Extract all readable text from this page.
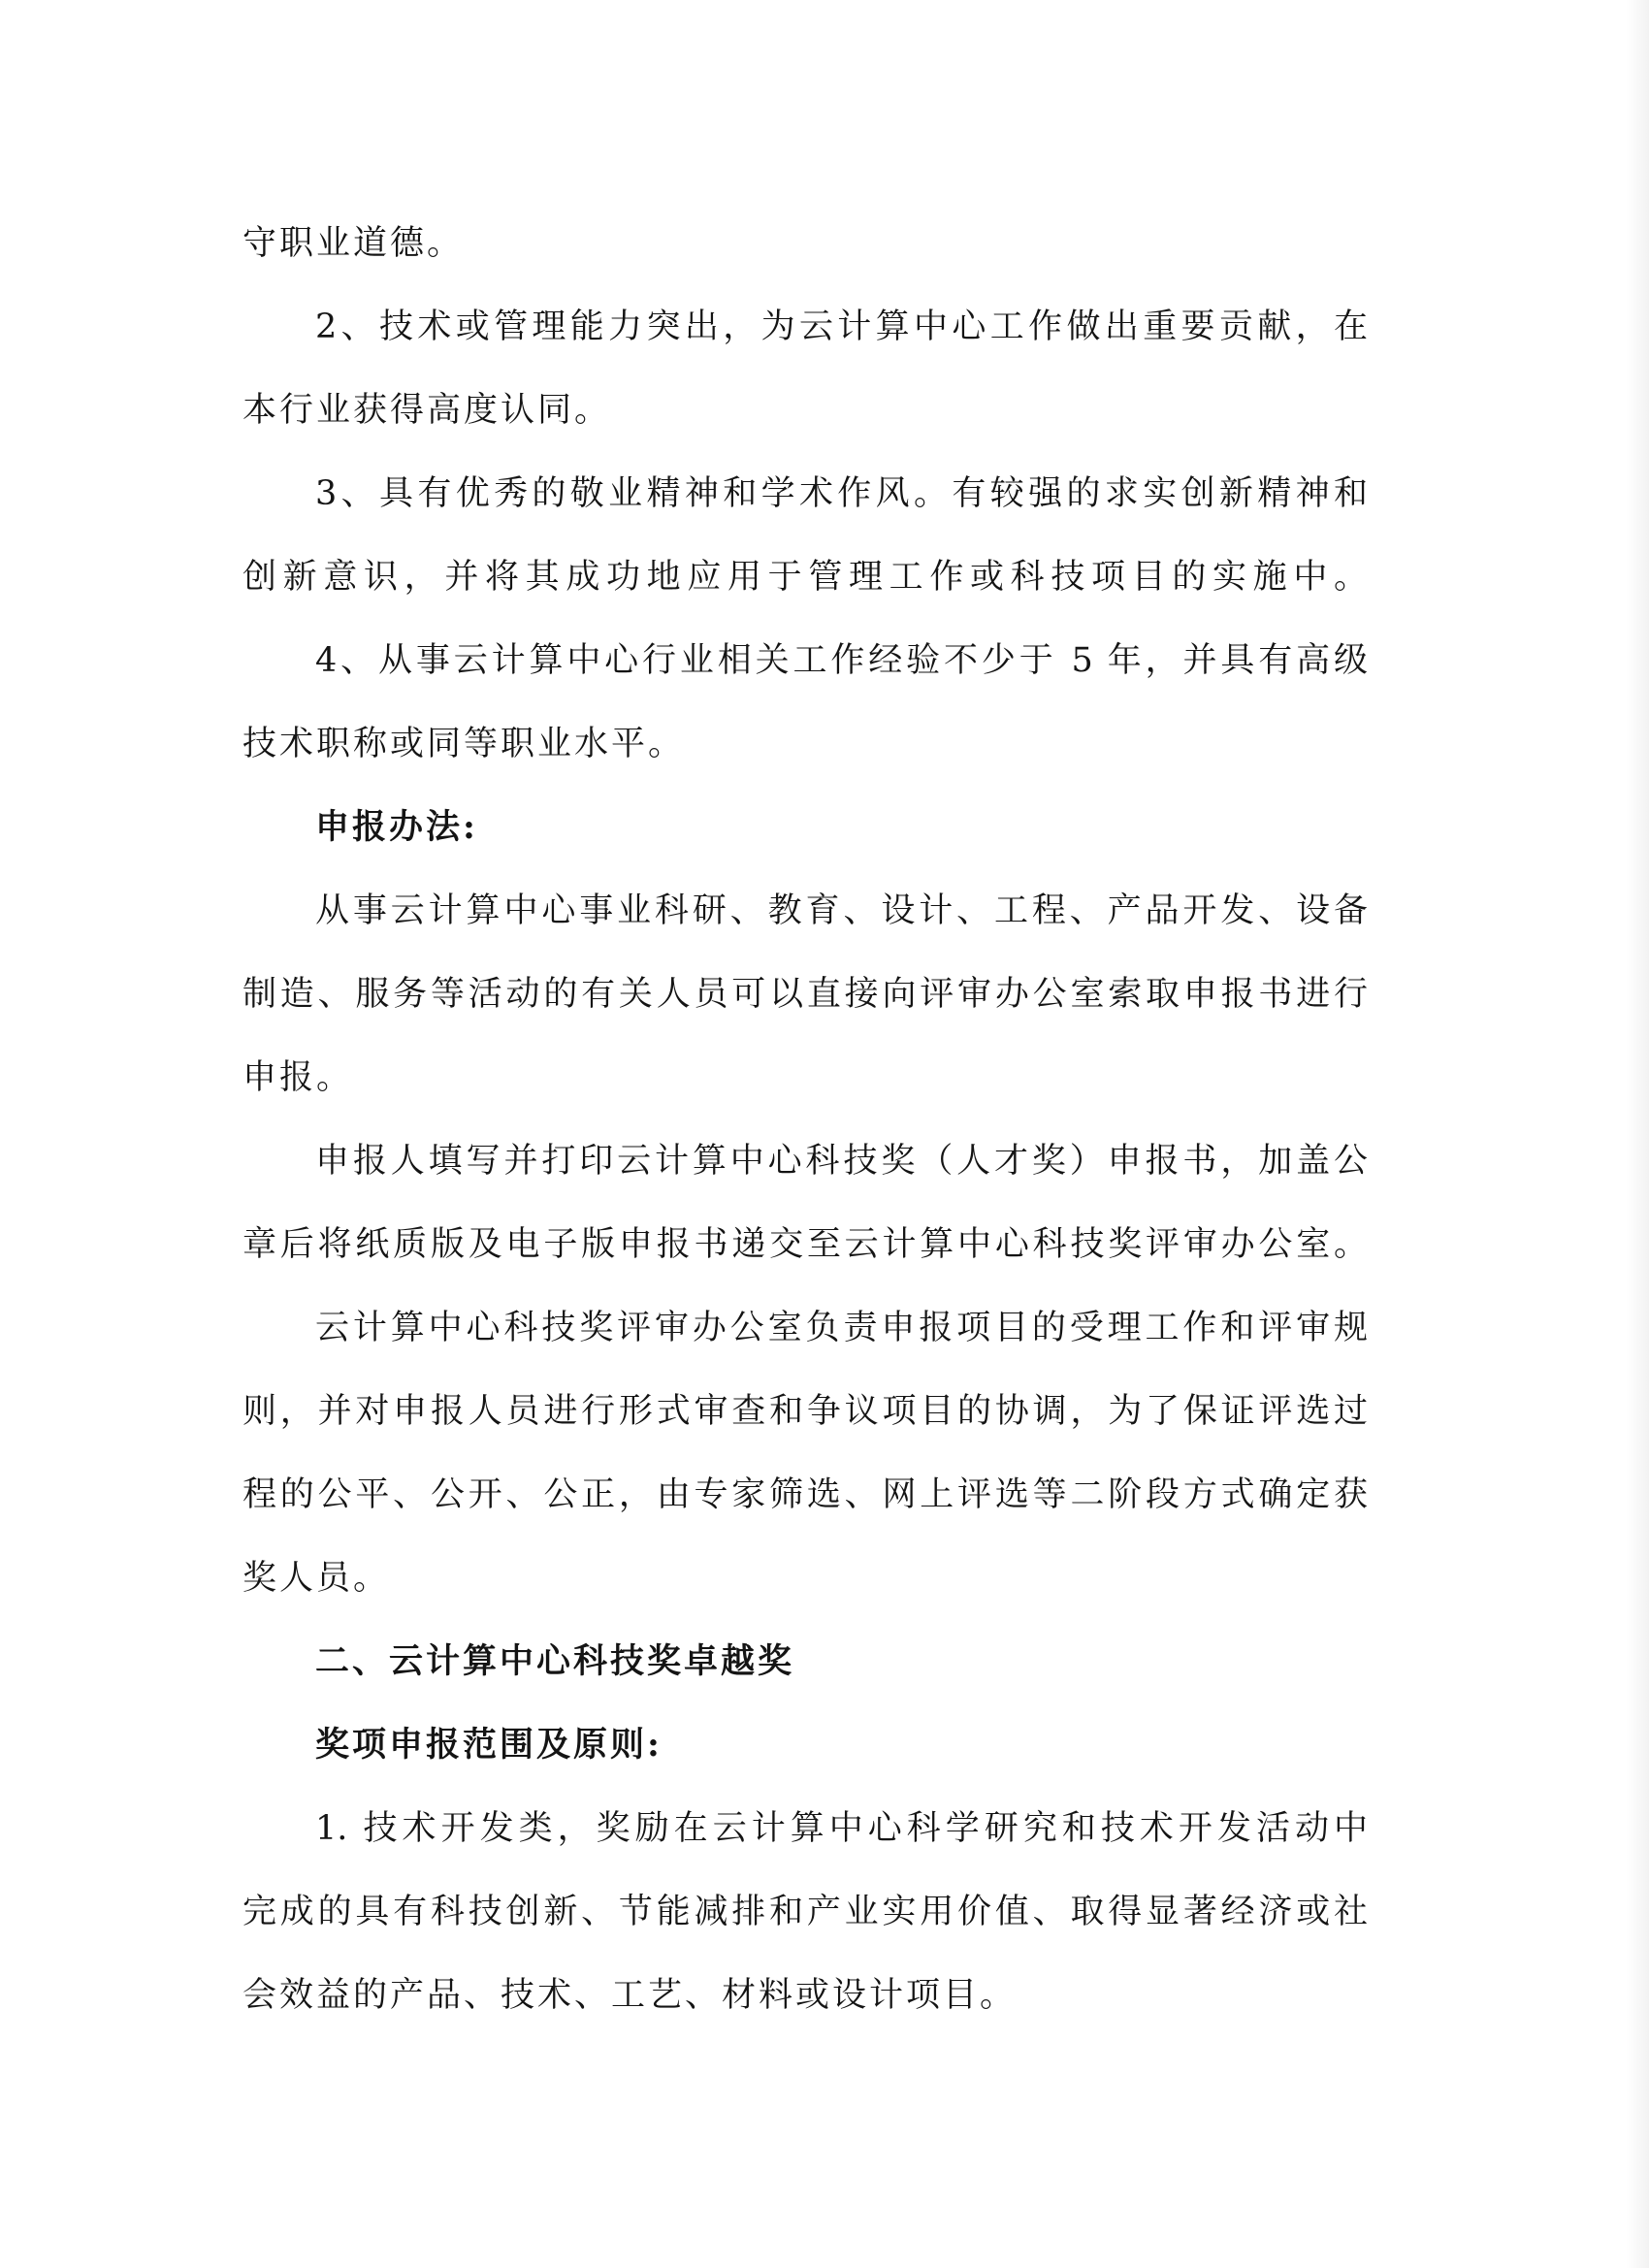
守职业道德。
2、技术或管理能力突出，为云计算中心工作做出重要贡献，在
本行业获得高度认同。
3、具有优秀的敬业精神和学术作风。有较强的求实创新精神和
创新意识，并将其成功地应用于管理工作或科技项目的实施中。
4、从事云计算中心行业相关工作经验不少于 5 年，并具有高级
技术职称或同等职业水平。
申报办法:
从事云计算中心事业科研、教育、设计、工程、产品开发、设备
制造、服务等活动的有关人员可以直接向评审办公室索取申报书进行
申报。
申报人填写并打印云计算中心科技奖（人才奖）申报书，加盖公
章后将纸质版及电子版申报书递交至云计算中心科技奖评审办公室。
云计算中心科技奖评审办公室负责申报项目的受理工作和评审规
则，并对申报人员进行形式审查和争议项目的协调，为了保证评选过
程的公平、公开、公正，由专家筛选、网上评选等二阶段方式确定获
奖人员。
二、云计算中心科技奖卓越奖
奖项申报范围及原则:
1. 技术开发类，奖励在云计算中心科学研究和技术开发活动中
完成的具有科技创新、节能减排和产业实用价值、取得显著经济或社
会效益的产品、技术、工艺、材料或设计项目。
